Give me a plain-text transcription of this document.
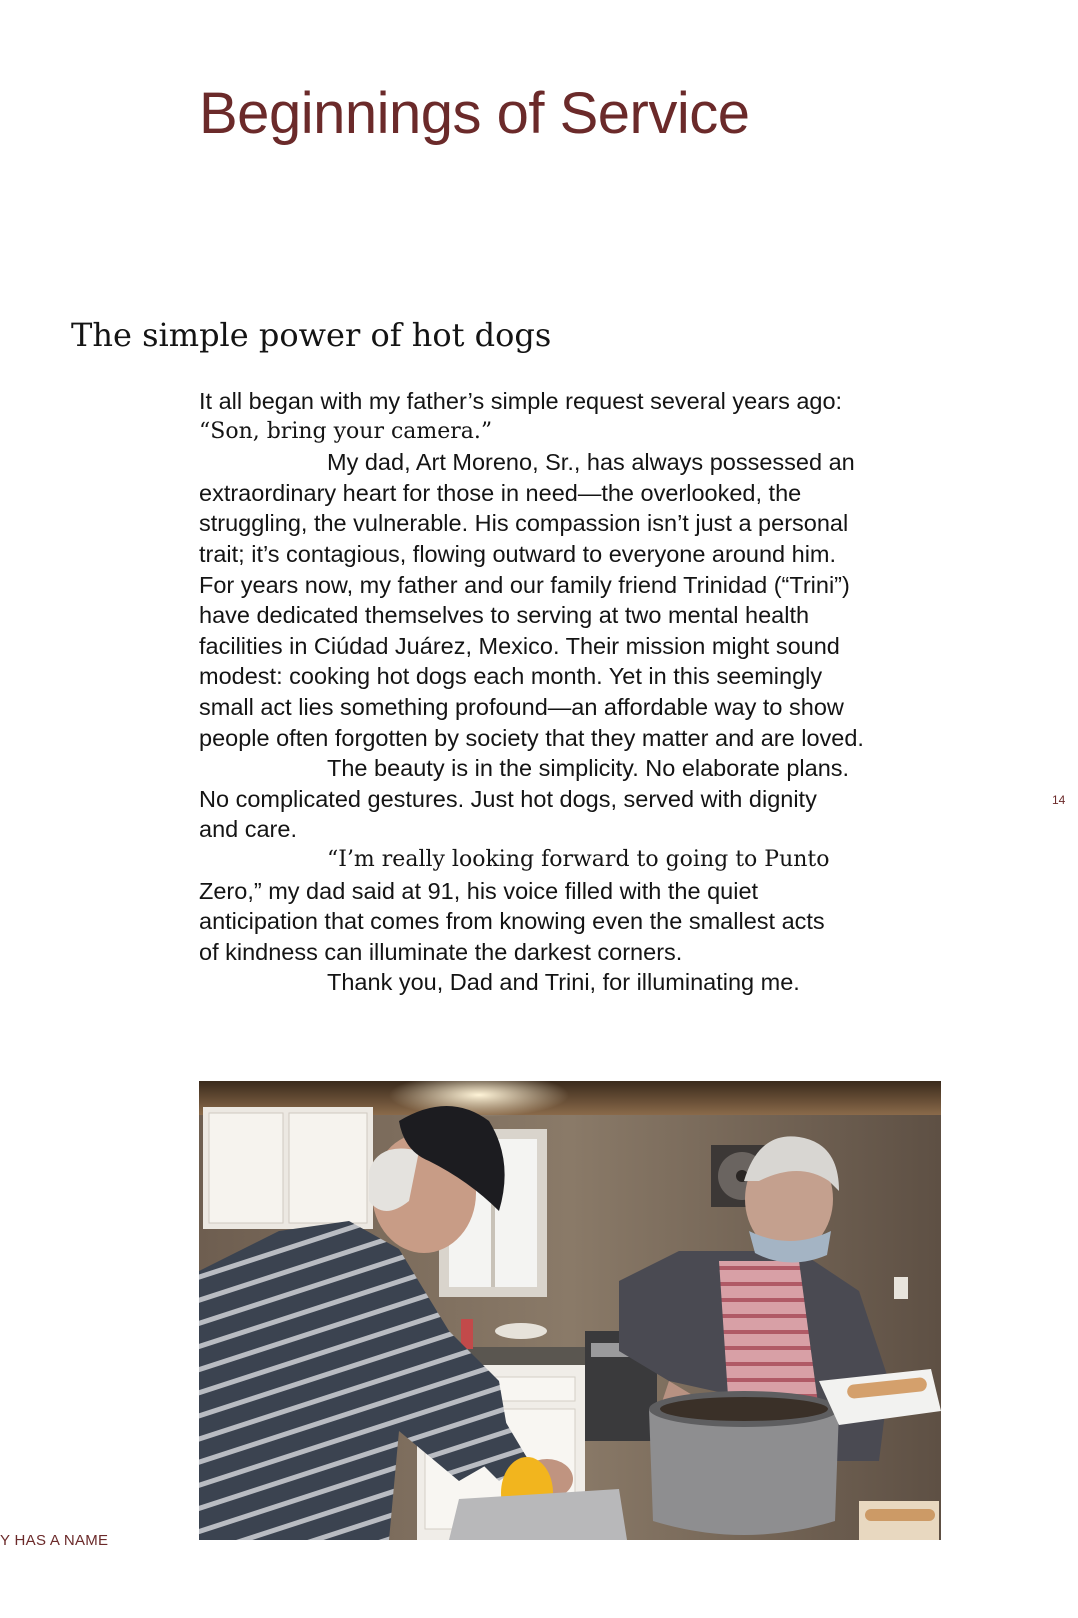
Beginnings of Service
The simple power of hot dogs
It all began with my father’s simple request several years ago:
“Son, bring your camera.”
My dad, Art Moreno, Sr., has always possessed an
extraordinary heart for those in need—the overlooked, the
struggling, the vulnerable. His compassion isn’t just a personal
trait; it’s contagious, flowing outward to everyone around him.
For years now, my father and our family friend Trinidad (“Trini”)
have dedicated themselves to serving at two mental health
facilities in Ciúdad Juárez, Mexico. Their mission might sound
modest: cooking hot dogs each month. Yet in this seemingly
small act lies something profound—an affordable way to show
people often forgotten by society that they matter and are loved.
The beauty is in the simplicity. No elaborate plans.
No complicated gestures. Just hot dogs, served with dignity
and care.
“I’m really looking forward to going to Punto
Zero,” my dad said at 91, his voice filled with the quiet
anticipation that comes from knowing even the smallest acts
of kindness can illuminate the darkest corners.
Thank you, Dad and Trini, for illuminating me.
14
Y HAS A NAME
